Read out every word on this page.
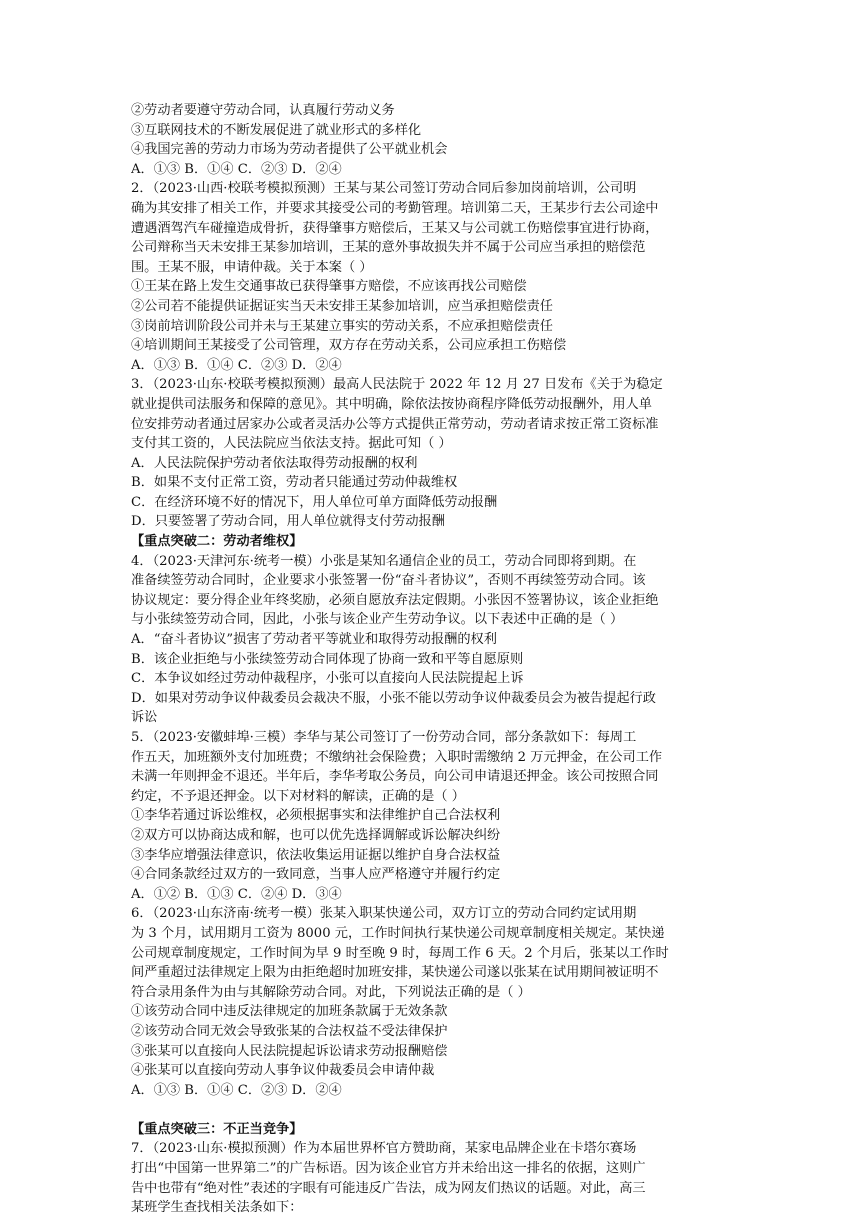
②劳动者要遵守劳动合同，认真履行劳动义务
③互联网技术的不断发展促进了就业形式的多样化
④我国完善的劳动力市场为劳动者提供了公平就业机会
A．①③ B．①④ C．②③ D．②④
2．（2023·山西·校联考模拟预测）王某与某公司签订劳动合同后参加岗前培训，公司明
确为其安排了相关工作，并要求其接受公司的考勤管理。培训第二天，王某步行去公司途中
遭遇酒驾汽车碰撞造成骨折，获得肇事方赔偿后，王某又与公司就工伤赔偿事宜进行协商，
公司辩称当天未安排王某参加培训，王某的意外事故损失并不属于公司应当承担的赔偿范
围。王某不服，申请仲裁。关于本案（ ）
①王某在路上发生交通事故已获得肇事方赔偿，不应该再找公司赔偿
②公司若不能提供证据证实当天未安排王某参加培训，应当承担赔偿责任
③岗前培训阶段公司并未与王某建立事实的劳动关系，不应承担赔偿责任
④培训期间王某接受了公司管理，双方存在劳动关系，公司应承担工伤赔偿
A．①③ B．①④ C．②③ D．②④
3．（2023·山东·校联考模拟预测）最高人民法院于 2022 年 12 月 27 日发布《关于为稳定
就业提供司法服务和保障的意见》。其中明确，除依法按协商程序降低劳动报酬外，用人单
位安排劳动者通过居家办公或者灵活办公等方式提供正常劳动，劳动者请求按正常工资标准
支付其工资的，人民法院应当依法支持。据此可知（ ）
A．人民法院保护劳动者依法取得劳动报酬的权利
B．如果不支付正常工资，劳动者只能通过劳动仲裁维权
C．在经济环境不好的情况下，用人单位可单方面降低劳动报酬
D．只要签署了劳动合同，用人单位就得支付劳动报酬
【重点突破二：劳动者维权】
4．（2023·天津河东·统考一模）小张是某知名通信企业的员工，劳动合同即将到期。在
准备续签劳动合同时，企业要求小张签署一份“奋斗者协议”，否则不再续签劳动合同。该
协议规定：要分得企业年终奖励，必须自愿放弃法定假期。小张因不签署协议，该企业拒绝
与小张续签劳动合同，因此，小张与该企业产生劳动争议。以下表述中正确的是（ ）
A．“奋斗者协议”损害了劳动者平等就业和取得劳动报酬的权利
B．该企业拒绝与小张续签劳动合同体现了协商一致和平等自愿原则
C．本争议如经过劳动仲裁程序，小张可以直接向人民法院提起上诉
D．如果对劳动争议仲裁委员会裁决不服，小张不能以劳动争议仲裁委员会为被告提起行政
诉讼
5．（2023·安徽蚌埠·三模）李华与某公司签订了一份劳动合同，部分条款如下：每周工
作五天，加班额外支付加班费；不缴纳社会保险费；入职时需缴纳 2 万元押金，在公司工作
未满一年则押金不退还。半年后，李华考取公务员，向公司申请退还押金。该公司按照合同
约定，不予退还押金。以下对材料的解读，正确的是（ ）
①李华若通过诉讼维权，必须根据事实和法律维护自己合法权利
②双方可以协商达成和解，也可以优先选择调解或诉讼解决纠纷
③李华应增强法律意识，依法收集运用证据以维护自身合法权益
④合同条款经过双方的一致同意，当事人应严格遵守并履行约定
A．①② B．①③ C．②④ D．③④
6．（2023·山东济南·统考一模）张某入职某快递公司，双方订立的劳动合同约定试用期
为 3 个月，试用期月工资为 8000 元，工作时间执行某快递公司规章制度相关规定。某快递
公司规章制度规定，工作时间为早 9 时至晚 9 时，每周工作 6 天。2 个月后，张某以工作时
间严重超过法律规定上限为由拒绝超时加班安排，某快递公司遂以张某在试用期间被证明不
符合录用条件为由与其解除劳动合同。对此，下列说法正确的是（ ）
①该劳动合同中违反法律规定的加班条款属于无效条款
②该劳动合同无效会导致张某的合法权益不受法律保护
③张某可以直接向人民法院提起诉讼请求劳动报酬赔偿
④张某可以直接向劳动人事争议仲裁委员会申请仲裁
A．①③ B．①④ C．②③ D．②④
【重点突破三：不正当竞争】
7．（2023·山东·模拟预测）作为本届世界杯官方赞助商，某家电品牌企业在卡塔尔赛场
打出“中国第一世界第二”的广告标语。因为该企业官方并未给出这一排名的依据，这则广
告中也带有“绝对性”表述的字眼有可能违反广告法，成为网友们热议的话题。对此，高三
某班学生查找相关法条如下：
